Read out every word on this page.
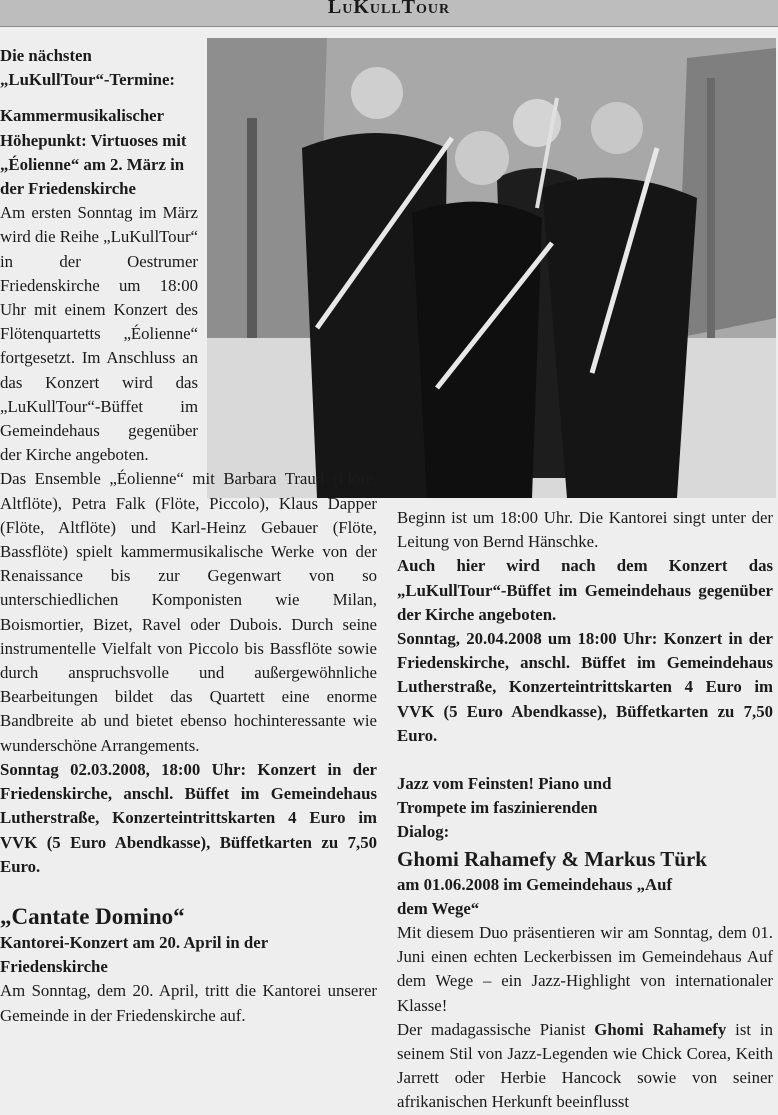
LuKullTour

Die nächsten „LuKullTour“-Termine:

Kammermusikalischer Höhepunkt: Virtuoses mit „Éolienne“ am 2. März in der Friedenskirche

Am ersten Sonntag im März wird die Reihe „LuKullTour“ in der Oestrumer Friedenskirche um 18:00 Uhr mit einem Konzert des Flötenquartetts „Éolienne“ fortgesetzt. Im Anschluss an das Konzert wird das „LuKullTour“-Büffet im Gemeindehaus gegenüber der Kirche angeboten.

Das Ensemble „Éolienne“ mit Barbara Traud (Flöte, Altflöte), Petra Falk (Flöte, Piccolo), Klaus Dapper (Flöte, Altflöte) und Karl-Heinz Gebauer (Flöte, Bassflöte) spielt kammermusikalische Werke von der Renaissance bis zur Gegenwart von so unterschiedlichen Komponisten wie Milan, Boismortier, Bizet, Ravel oder Dubois. Durch seine instrumentelle Vielfalt von Piccolo bis Bassflöte sowie durch anspruchsvolle und außergewöhnliche Bearbeitungen bildet das Quartett eine enorme Bandbreite ab und bietet ebenso hochinteressante wie wunderschöne Arrangements.

Sonntag 02.03.2008, 18:00 Uhr: Konzert in der Friedenskirche, anschl. Büffet im Gemeindehaus Lutherstraße, Konzerteintrittskarten 4 Euro im VVK (5 Euro Abendkasse), Büffetkarten zu 7,50 Euro.

„Cantate Domino“

Kantorei-Konzert am 20. April in der Friedenskirche

Am Sonntag, dem 20. April, tritt die Kantorei unserer Gemeinde in der Friedenskirche auf.

Beginn ist um 18:00 Uhr. Die Kantorei singt unter der Leitung von Bernd Hänschke.

Auch hier wird nach dem Konzert das „LuKullTour“-Büffet im Gemeindehaus gegenüber der Kirche angeboten.

Sonntag, 20.04.2008 um 18:00 Uhr: Konzert in der Friedenskirche, anschl. Büffet im Gemeindehaus Lutherstraße, Konzerteintrittskarten 4 Euro im VVK (5 Euro Abendkasse), Büffetkarten zu 7,50 Euro.

Jazz vom Feinsten! Piano und Trompete im faszinierenden Dialog:

Ghomi Rahamefy & Markus Türk

am 01.06.2008 im Gemeindehaus „Auf dem Wege“

Mit diesem Duo präsentieren wir am Sonntag, dem 01. Juni einen echten Leckerbissen im Gemeindehaus Auf dem Wege – ein Jazz-Highlight von internationaler Klasse!

Der madagassische Pianist Ghomi Rahamefy ist in seinem Stil von Jazz-Legenden wie Chick Corea, Keith Jarrett oder Herbie Hancock sowie von seiner afrikanischen Herkunft beeinflusst
